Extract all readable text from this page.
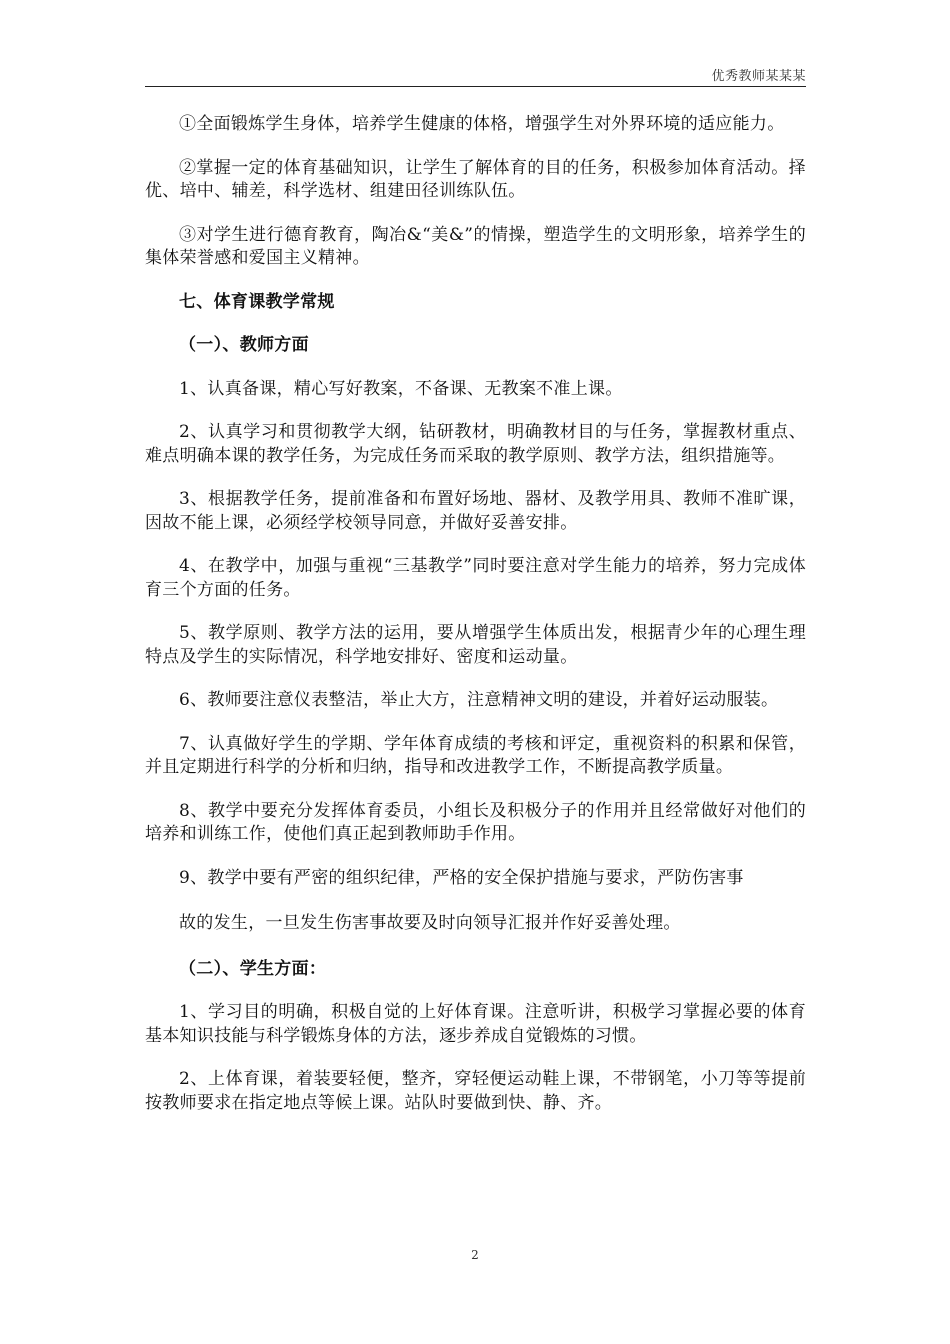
优秀教师某某某

①全面锻炼学生身体，培养学生健康的体格，增强学生对外界环境的适应能力。

②掌握一定的体育基础知识，让学生了解体育的目的任务，积极参加体育活动。择优、培中、辅差，科学选材、组建田径训练队伍。

③对学生进行德育教育，陶冶&“美&”的情操，塑造学生的文明形象，培养学生的集体荣誉感和爱国主义精神。

七、体育课教学常规

（一）、教师方面

1、认真备课，精心写好教案，不备课、无教案不准上课。

2、认真学习和贯彻教学大纲，钻研教材，明确教材目的与任务，掌握教材重点、难点明确本课的教学任务，为完成任务而采取的教学原则、教学方法，组织措施等。

3、根据教学任务，提前准备和布置好场地、器材、及教学用具、教师不准旷课，因故不能上课，必须经学校领导同意，并做好妥善安排。

4、在教学中，加强与重视“三基教学”同时要注意对学生能力的培养，努力完成体育三个方面的任务。

5、教学原则、教学方法的运用，要从增强学生体质出发，根据青少年的心理生理特点及学生的实际情况，科学地安排好、密度和运动量。

6、教师要注意仪表整洁，举止大方，注意精神文明的建设，并着好运动服装。

7、认真做好学生的学期、学年体育成绩的考核和评定，重视资料的积累和保管，并且定期进行科学的分析和归纳，指导和改进教学工作，不断提高教学质量。

8、教学中要充分发挥体育委员，小组长及积极分子的作用并且经常做好对他们的培养和训练工作，使他们真正起到教师助手作用。

9、教学中要有严密的组织纪律，严格的安全保护措施与要求，严防伤害事

故的发生，一旦发生伤害事故要及时向领导汇报并作好妥善处理。

（二）、学生方面：

1、学习目的明确，积极自觉的上好体育课。注意听讲，积极学习掌握必要的体育基本知识技能与科学锻炼身体的方法，逐步养成自觉锻炼的习惯。

2、上体育课，着装要轻便，整齐，穿轻便运动鞋上课，不带钢笔，小刀等等提前按教师要求在指定地点等候上课。站队时要做到快、静、齐。

2
